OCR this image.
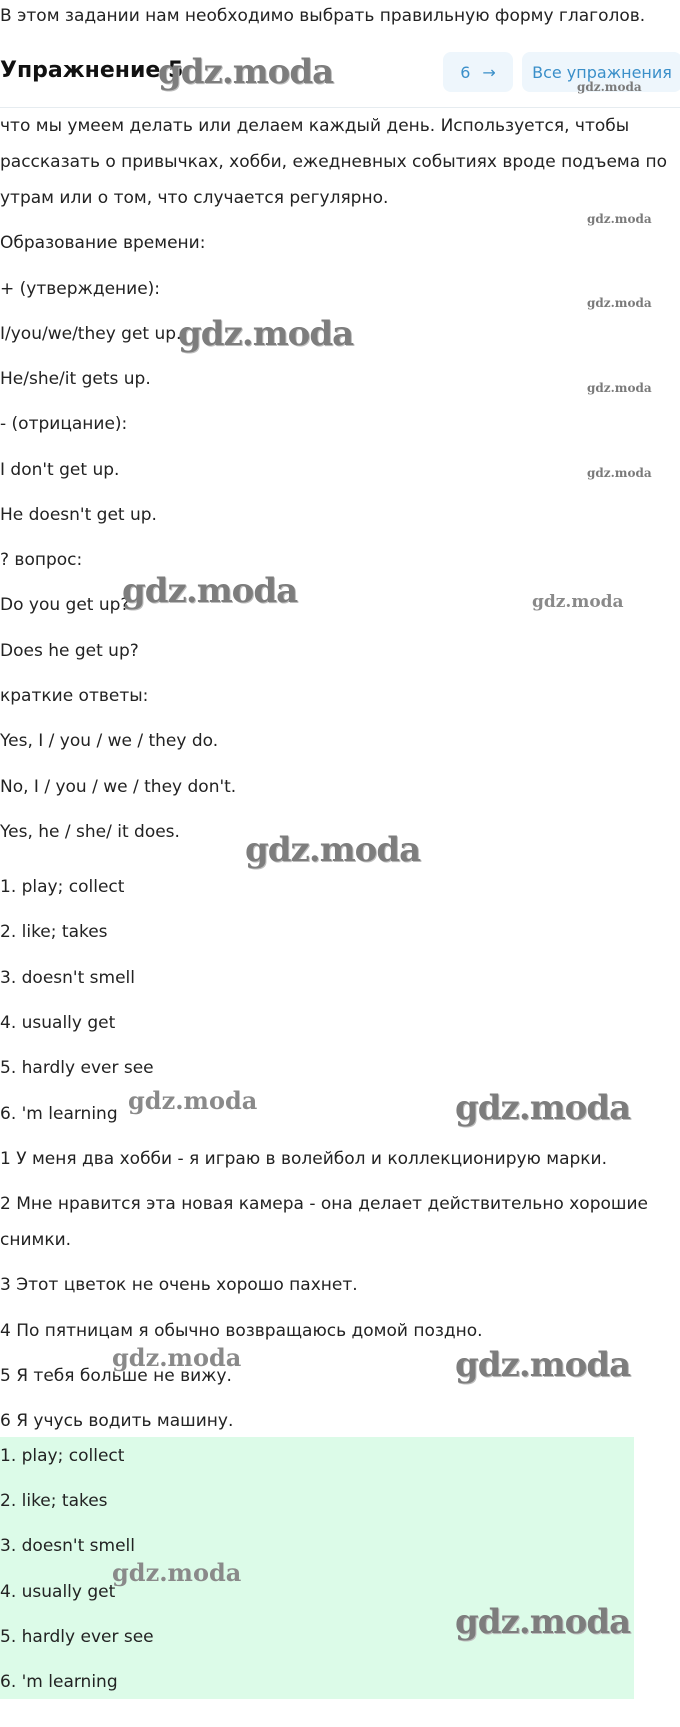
В этом задании нам необходимо выбрать правильную форму глаголов.
Упражнение 5	6 →	Все упражнения
что мы умеем делать или делаем каждый день. Используется, чтобы
рассказать о привычках, хобби, ежедневных событиях вроде подъема по
утрам или о том, что случается регулярно.
Образование времени:
+ (утверждение):
I/you/we/they get up.
He/she/it gets up.
- (отрицание):
I don't get up.
He doesn't get up.
? вопрос:
Do you get up?
Does he get up?
краткие ответы:
Yes, I / you / we / they do.
No, I / you / we / they don't.
Yes, he / she/ it does.
1. play; collect
2. like; takes
3. doesn't smell
4. usually get
5. hardly ever see
6. 'm learning
1 У меня два хобби - я играю в волейбол и коллекционирую марки.
2 Мне нравится эта новая камера - она делает действительно хорошие
снимки.
3 Этот цветок не очень хорошо пахнет.
4 По пятницам я обычно возвращаюсь домой поздно.
5 Я тебя больше не вижу.
6 Я учусь водить машину.
1. play; collect
2. like; takes
3. doesn't smell
4. usually get
5. hardly ever see
6. 'm learning
gdz.moda	gdz.moda
gdz.moda
gdz.moda
gdz.moda
gdz.moda
gdz.moda
gdz.moda	gdz.moda
gdz.moda
gdz.moda	gdz.moda
gdz.moda	gdz.moda
gdz.moda
gdz.moda
